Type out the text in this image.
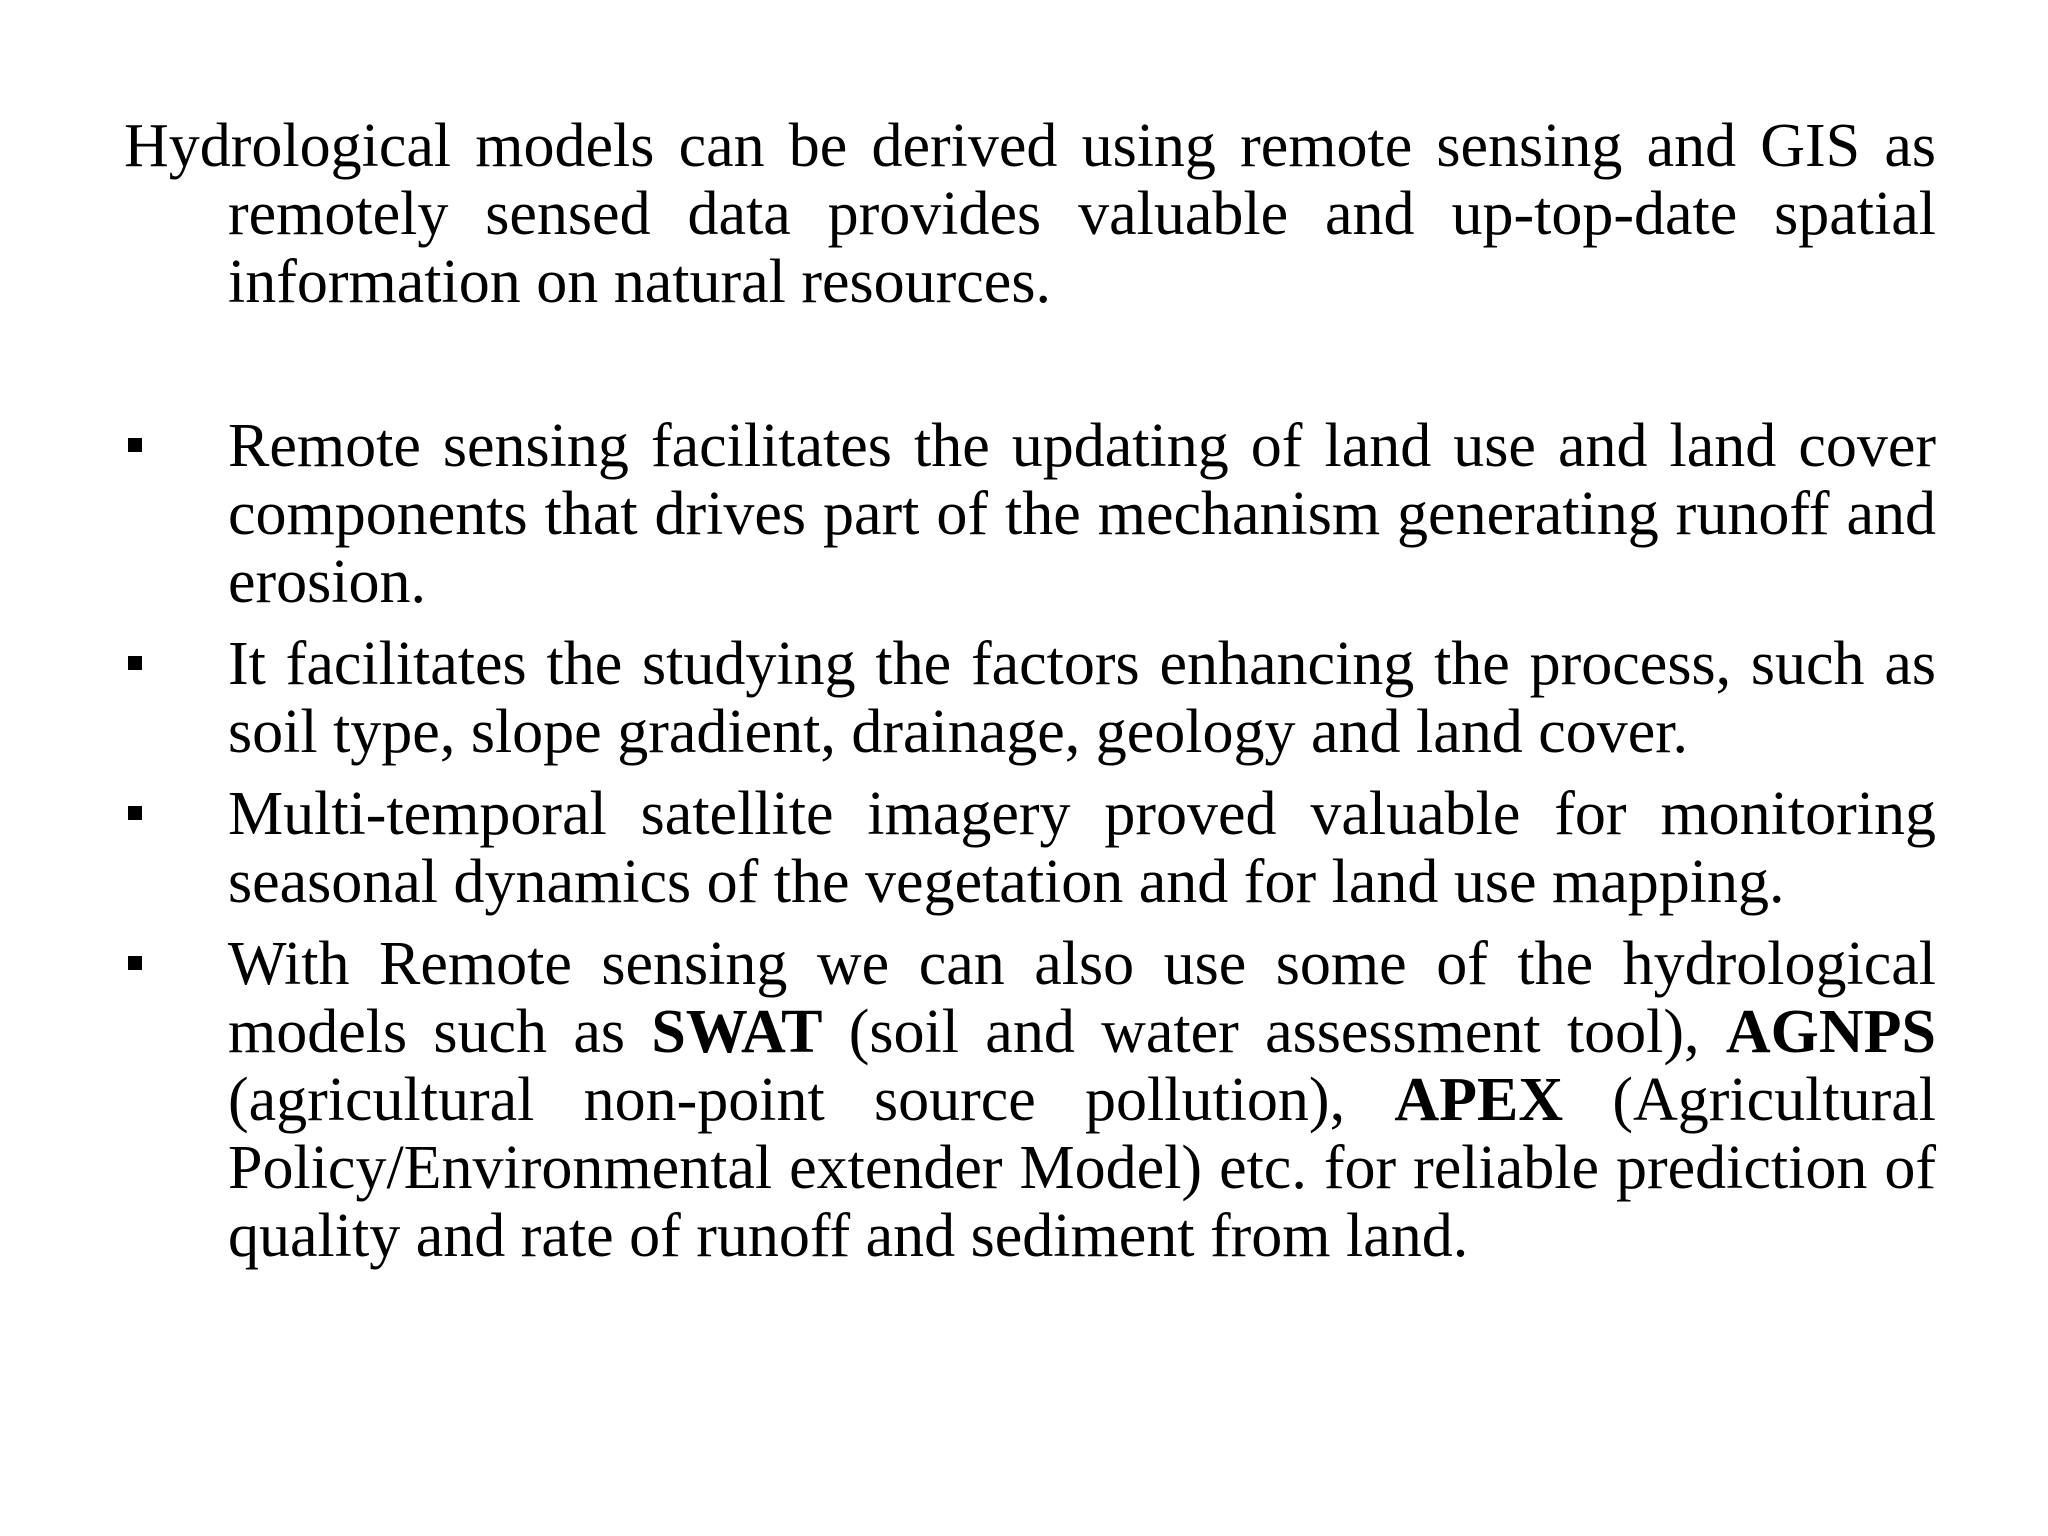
Hydrological models can be derived using remote sensing and GIS as remotely sensed data provides valuable and up-top-date spatial information on natural resources.

Remote sensing facilitates the updating of land use and land cover components that drives part of the mechanism generating runoff and erosion.
It facilitates the studying the factors enhancing the process, such as soil type, slope gradient, drainage, geology and land cover.
Multi-temporal satellite imagery proved valuable for monitoring seasonal dynamics of the vegetation and for land use mapping.
With Remote sensing we can also use some of the hydrological models such as SWAT (soil and water assessment tool), AGNPS (agricultural non-point source pollution), APEX (Agricultural Policy/Environmental extender Model) etc. for reliable prediction of quality and rate of runoff and sediment from land.
